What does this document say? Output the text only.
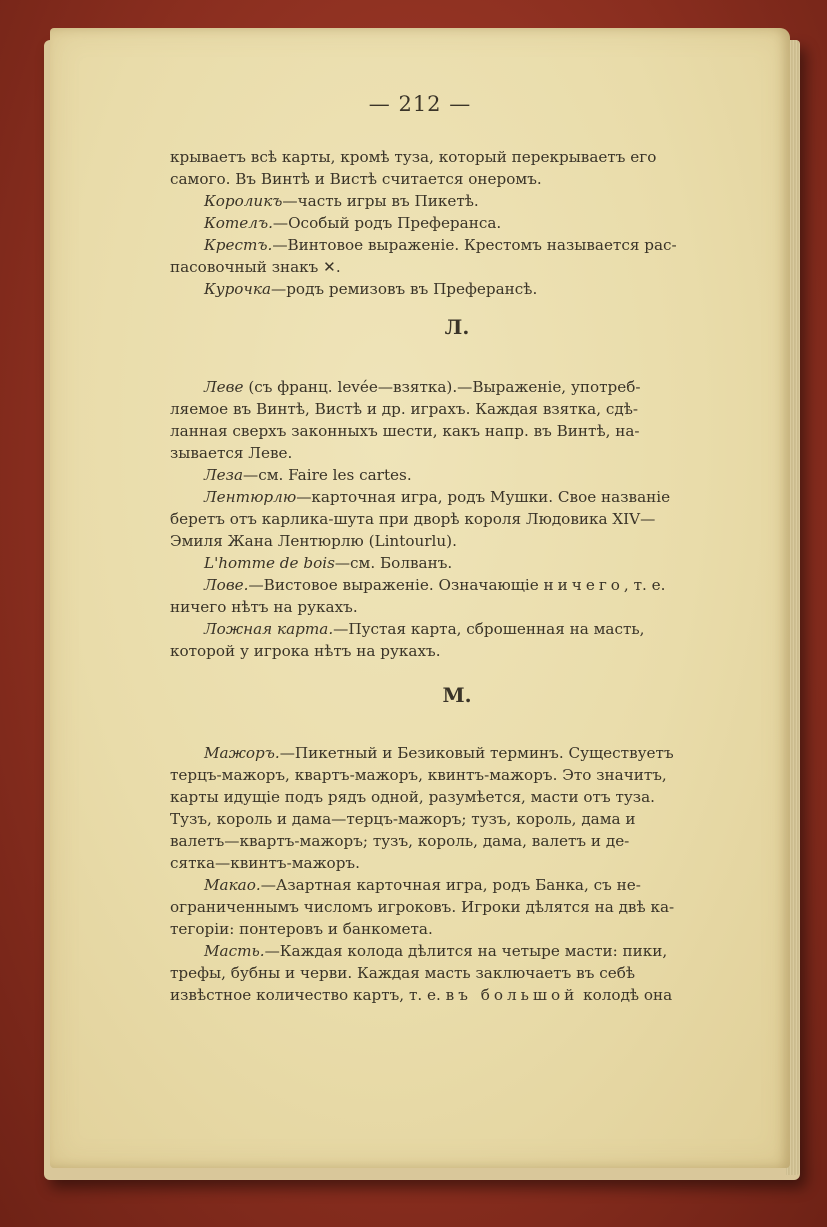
— 212 —

крываетъ всѣ карты, кромѣ туза, который перекрываетъ его

самого. Въ Винтѣ и Вистѣ считается онеромъ.

Короликъ—часть игры въ Пикетѣ.

Котелъ.—Особый родъ Преферанса.

Крестъ.—Винтовое выраженіе. Крестомъ называется рас-

пасовочный знакъ ✕.

Курочка—родъ ремизовъ въ Преферансѣ.

Л.

Леве (съ франц. levée—взятка).—Выраженіе, употреб-

ляемое въ Винтѣ, Вистѣ и др. играхъ. Каждая взятка, сдѣ-

ланная сверхъ законныхъ шести, какъ напр. въ Винтѣ, на-

зывается Леве.

Леза—см. Faire les cartes.

Лентюрлю—карточная игра, родъ Мушки. Свое названіе

беретъ отъ карлика-шута при дворѣ короля Людовика XIV—

Эмиля Жана Лентюрлю (Lintourlu).

L'homme de bois—см. Болванъ.

Лове.—Вистовое выраженіе. Означающіе ничего, т. е.

ничего нѣтъ на рукахъ.

Ложная карта.—Пустая карта, сброшенная на масть,

которой у игрока нѣтъ на рукахъ.

М.

Мажоръ.—Пикетный и Безиковый терминъ. Существуетъ

терцъ-мажоръ, квартъ-мажоръ, квинтъ-мажоръ. Это значитъ,

карты идущіе подъ рядъ одной, разумѣется, масти отъ туза.

Тузъ, король и дама—терцъ-мажоръ; тузъ, король, дама и

валетъ—квартъ-мажоръ; тузъ, король, дама, валетъ и де-

сятка—квинтъ-мажоръ.

Макао.—Азартная карточная игра, родъ Банка, съ не-

ограниченнымъ числомъ игроковъ. Игроки дѣлятся на двѣ ка-

тегоріи: понтеровъ и банкомета.

Масть.—Каждая колода дѣлится на четыре масти: пики,

трефы, бубны и черви. Каждая масть заключаетъ въ себѣ

извѣстное количество картъ, т. е. въ большой колодѣ она
